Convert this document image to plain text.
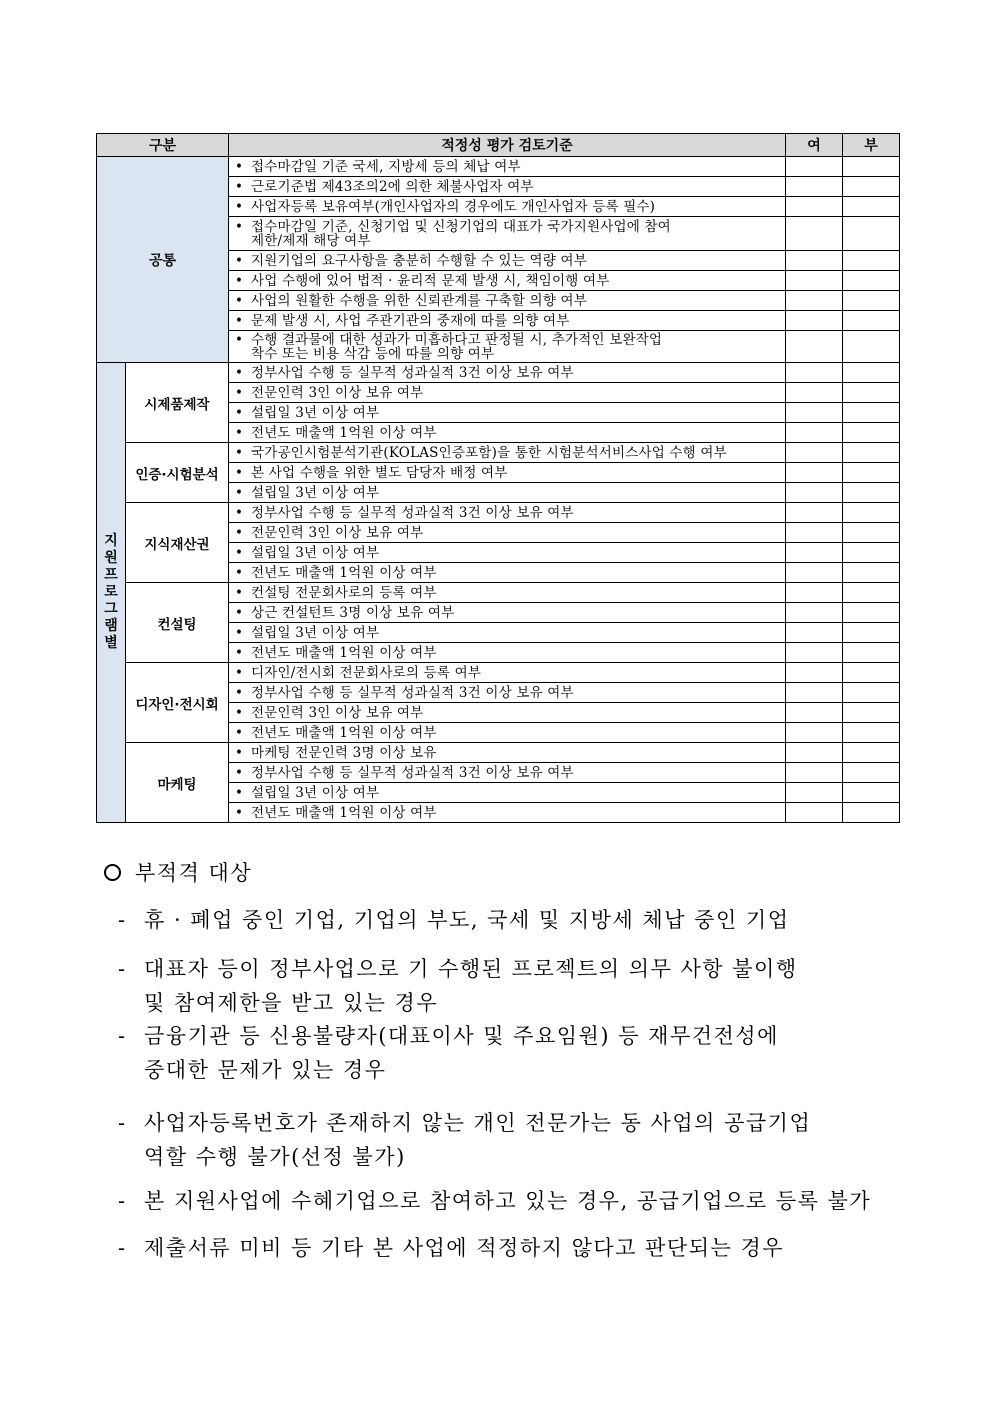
구분		적정성 평가 검토기준	여	부
공통		• 접수마감일 기준 국세, 지방세 등의 체납 여부		
		• 근로기준법 제43조의2에 의한 체불사업자 여부		
		• 사업자등록 보유여부(개인사업자의 경우에도 개인사업자 등록 필수)		
		• 접수마감일 기준, 신청기업 및 신청기업의 대표가 국가지원사업에 참여
제한/제재 해당 여부		

		• 지원기업의 요구사항을 충분히 수행할 수 있는 역량 여부		
		• 사업 수행에 있어 법적 · 윤리적 문제 발생 시, 책임이행 여부		
		• 사업의 원활한 수행을 위한 신뢰관계를 구축할 의향 여부		
		• 문제 발생 시, 사업 주관기관의 중재에 따를 의향 여부		
		• 수행 결과물에 대한 성과가 미흡하다고 판정될 시, 추가적인 보완작업
착수 또는 비용 삭감 등에 따를 의향 여부		

지원프로그램별	시제품제작	• 정부사업 수행 등 실무적 성과실적 3건 이상 보유 여부		
		• 전문인력 3인 이상 보유 여부		
		• 설립일 3년 이상 여부		
		• 전년도 매출액 1억원 이상 여부		
	인증·시험분석	• 국가공인시험분석기관(KOLAS인증포함)을 통한 시험분석서비스사업 수행 여부		
		• 본 사업 수행을 위한 별도 담당자 배정 여부		
		• 설립일 3년 이상 여부		
	지식재산권	• 정부사업 수행 등 실무적 성과실적 3건 이상 보유 여부		
		• 전문인력 3인 이상 보유 여부		
		• 설립일 3년 이상 여부		
		• 전년도 매출액 1억원 이상 여부		
	컨설팅	• 컨설팅 전문회사로의 등록 여부		
		• 상근 컨설턴트 3명 이상 보유 여부		
		• 설립일 3년 이상 여부		
		• 전년도 매출액 1억원 이상 여부		
	디자인·전시회	• 디자인/전시회 전문회사로의 등록 여부		
		• 정부사업 수행 등 실무적 성과실적 3건 이상 보유 여부		
		• 전문인력 3인 이상 보유 여부		
		• 전년도 매출액 1억원 이상 여부		
	마케팅	• 마케팅 전문인력 3명 이상 보유		
		• 정부사업 수행 등 실무적 성과실적 3건 이상 보유 여부		
		• 설립일 3년 이상 여부		
		• 전년도 매출액 1억원 이상 여부		
부적격 대상
- 휴 · 폐업 중인 기업, 기업의 부도, 국세 및 지방세 체납 중인 기업
- 대표자 등이 정부사업으로 기 수행된 프로젝트의 의무 사항 불이행
및 참여제한을 받고 있는 경우
- 금융기관 등 신용불량자(대표이사 및 주요임원) 등 재무건전성에
중대한 문제가 있는 경우
- 사업자등록번호가 존재하지 않는 개인 전문가는 동 사업의 공급기업
역할 수행 불가(선정 불가)
- 본 지원사업에 수혜기업으로 참여하고 있는 경우, 공급기업으로 등록 불가
- 제출서류 미비 등 기타 본 사업에 적정하지 않다고 판단되는 경우
